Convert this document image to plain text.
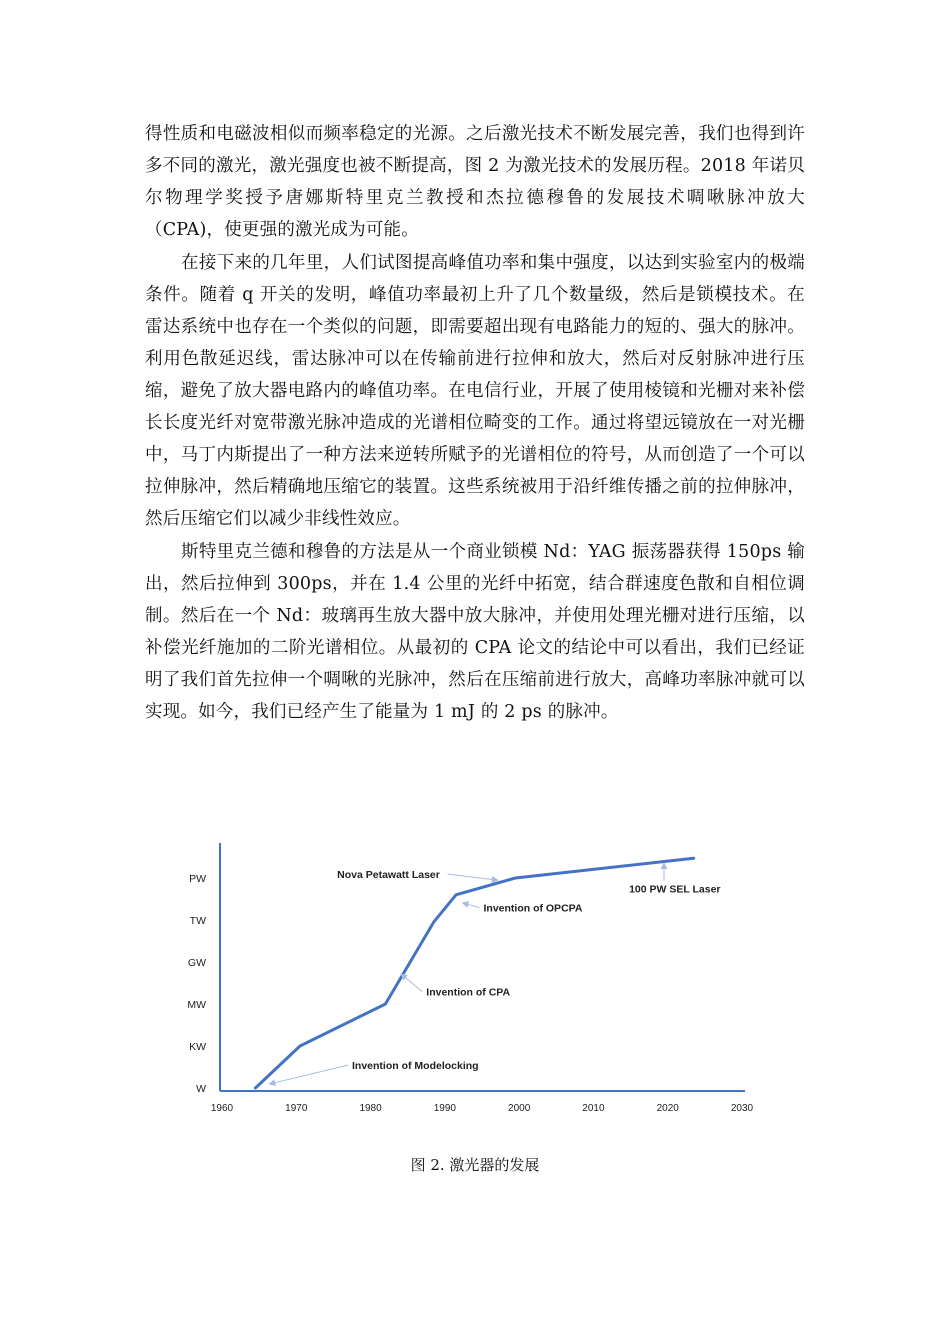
得性质和电磁波相似而频率稳定的光源。之后激光技术不断发展完善，我们也得到许多不同的激光，激光强度也被不断提高，图 2 为激光技术的发展历程。2018 年诺贝尔物理学奖授予唐娜斯特里克兰教授和杰拉德穆鲁的发展技术啁啾脉冲放大（CPA)，使更强的激光成为可能。

在接下来的几年里，人们试图提高峰值功率和集中强度，以达到实验室内的极端条件。随着 q 开关的发明，峰值功率最初上升了几个数量级，然后是锁模技术。在雷达系统中也存在一个类似的问题，即需要超出现有电路能力的短的、强大的脉冲。利用色散延迟线，雷达脉冲可以在传输前进行拉伸和放大，然后对反射脉冲进行压缩，避免了放大器电路内的峰值功率。在电信行业，开展了使用棱镜和光栅对来补偿长长度光纤对宽带激光脉冲造成的光谱相位畸变的工作。通过将望远镜放在一对光栅中，马丁内斯提出了一种方法来逆转所赋予的光谱相位的符号，从而创造了一个可以拉伸脉冲，然后精确地压缩它的装置。这些系统被用于沿纤维传播之前的拉伸脉冲，然后压缩它们以减少非线性效应。

斯特里克兰德和穆鲁的方法是从一个商业锁模 Nd：YAG 振荡器获得 150ps 输出，然后拉伸到 300ps，并在 1.4 公里的光纤中拓宽，结合群速度色散和自相位调制。然后在一个 Nd：玻璃再生放大器中放大脉冲，并使用处理光栅对进行压缩，以补偿光纤施加的二阶光谱相位。从最初的 CPA 论文的结论中可以看出，我们已经证明了我们首先拉伸一个啁啾的光脉冲，然后在压缩前进行放大，高峰功率脉冲就可以实现。如今，我们已经产生了能量为 1 mJ 的 2 ps 的脉冲。

W
KW
MW
GW
TW
PW
1960	1970	1980	1990	2000	2010	2020	2030
Invention of Modelocking
Invention of CPA
Invention of OPCPA
Nova Petawatt Laser
100 PW SEL Laser
图 2. 激光器的发展
